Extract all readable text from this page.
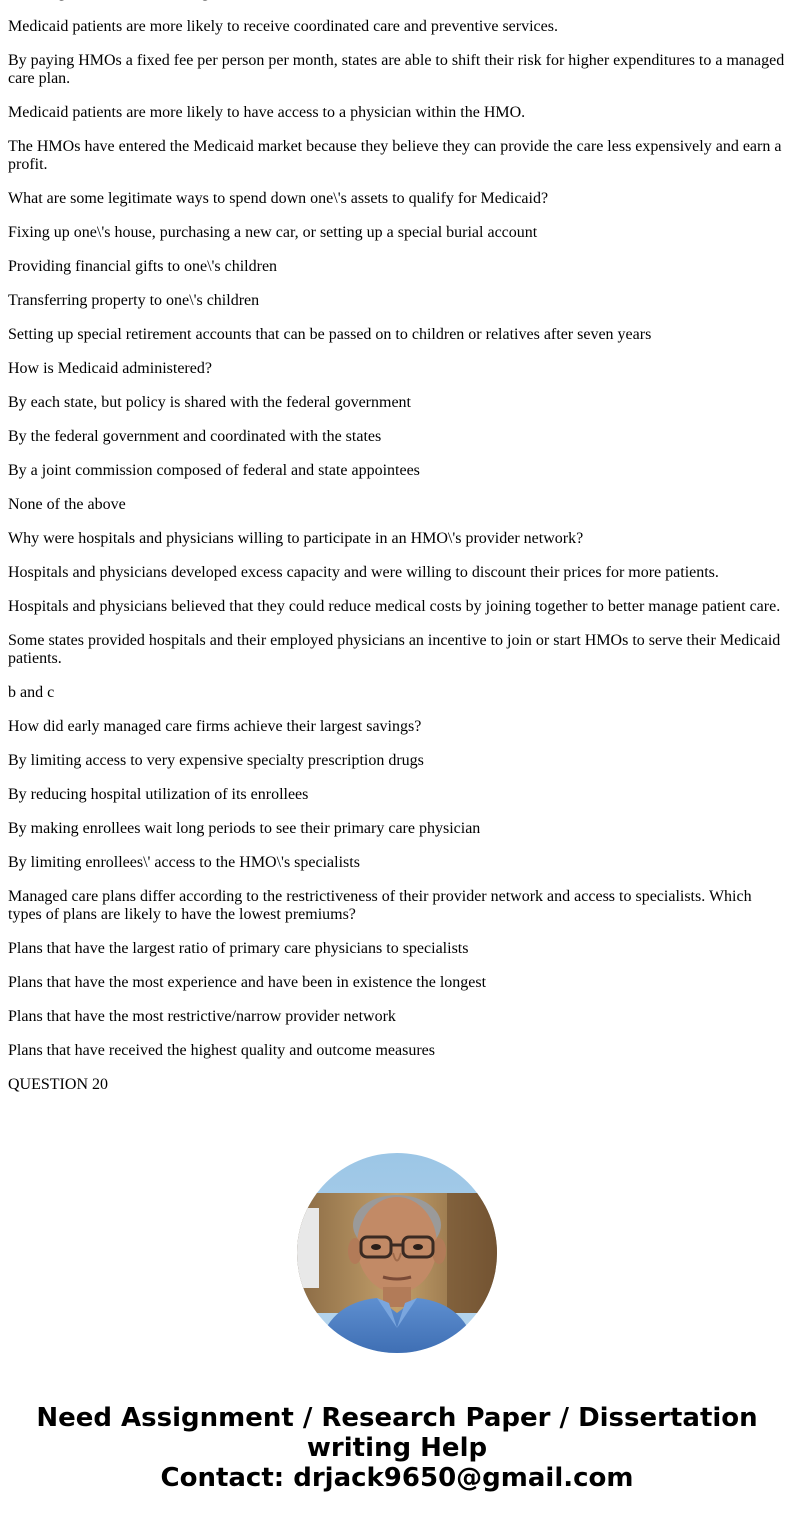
Medicaid patients are more likely to receive coordinated care and preventive services.

By paying HMOs a fixed fee per person per month, states are able to shift their risk for higher expenditures to a managed care plan.

Medicaid patients are more likely to have access to a physician within the HMO.

The HMOs have entered the Medicaid market because they believe they can provide the care less expensively and earn a profit.

What are some legitimate ways to spend down one\'s assets to qualify for Medicaid?

Fixing up one\'s house, purchasing a new car, or setting up a special burial account

Providing financial gifts to one\'s children

Transferring property to one\'s children

Setting up special retirement accounts that can be passed on to children or relatives after seven years

How is Medicaid administered?

By each state, but policy is shared with the federal government

By the federal government and coordinated with the states

By a joint commission composed of federal and state appointees

None of the above

Why were hospitals and physicians willing to participate in an HMO\'s provider network?

Hospitals and physicians developed excess capacity and were willing to discount their prices for more patients.

Hospitals and physicians believed that they could reduce medical costs by joining together to better manage patient care.

Some states provided hospitals and their employed physicians an incentive to join or start HMOs to serve their Medicaid patients.

b and c

How did early managed care firms achieve their largest savings?

By limiting access to very expensive specialty prescription drugs

By reducing hospital utilization of its enrollees

By making enrollees wait long periods to see their primary care physician

By limiting enrollees\' access to the HMO\'s specialists

Managed care plans differ according to the restrictiveness of their provider network and access to specialists. Which types of plans are likely to have the lowest premiums?

Plans that have the largest ratio of primary care physicians to specialists

Plans that have the most experience and have been in existence the longest

Plans that have the most restrictive/narrow provider network

Plans that have received the highest quality and outcome measures

QUESTION 20

Need Assignment / Research Paper / Dissertation
writing Help
Contact: drjack9650@gmail.com
